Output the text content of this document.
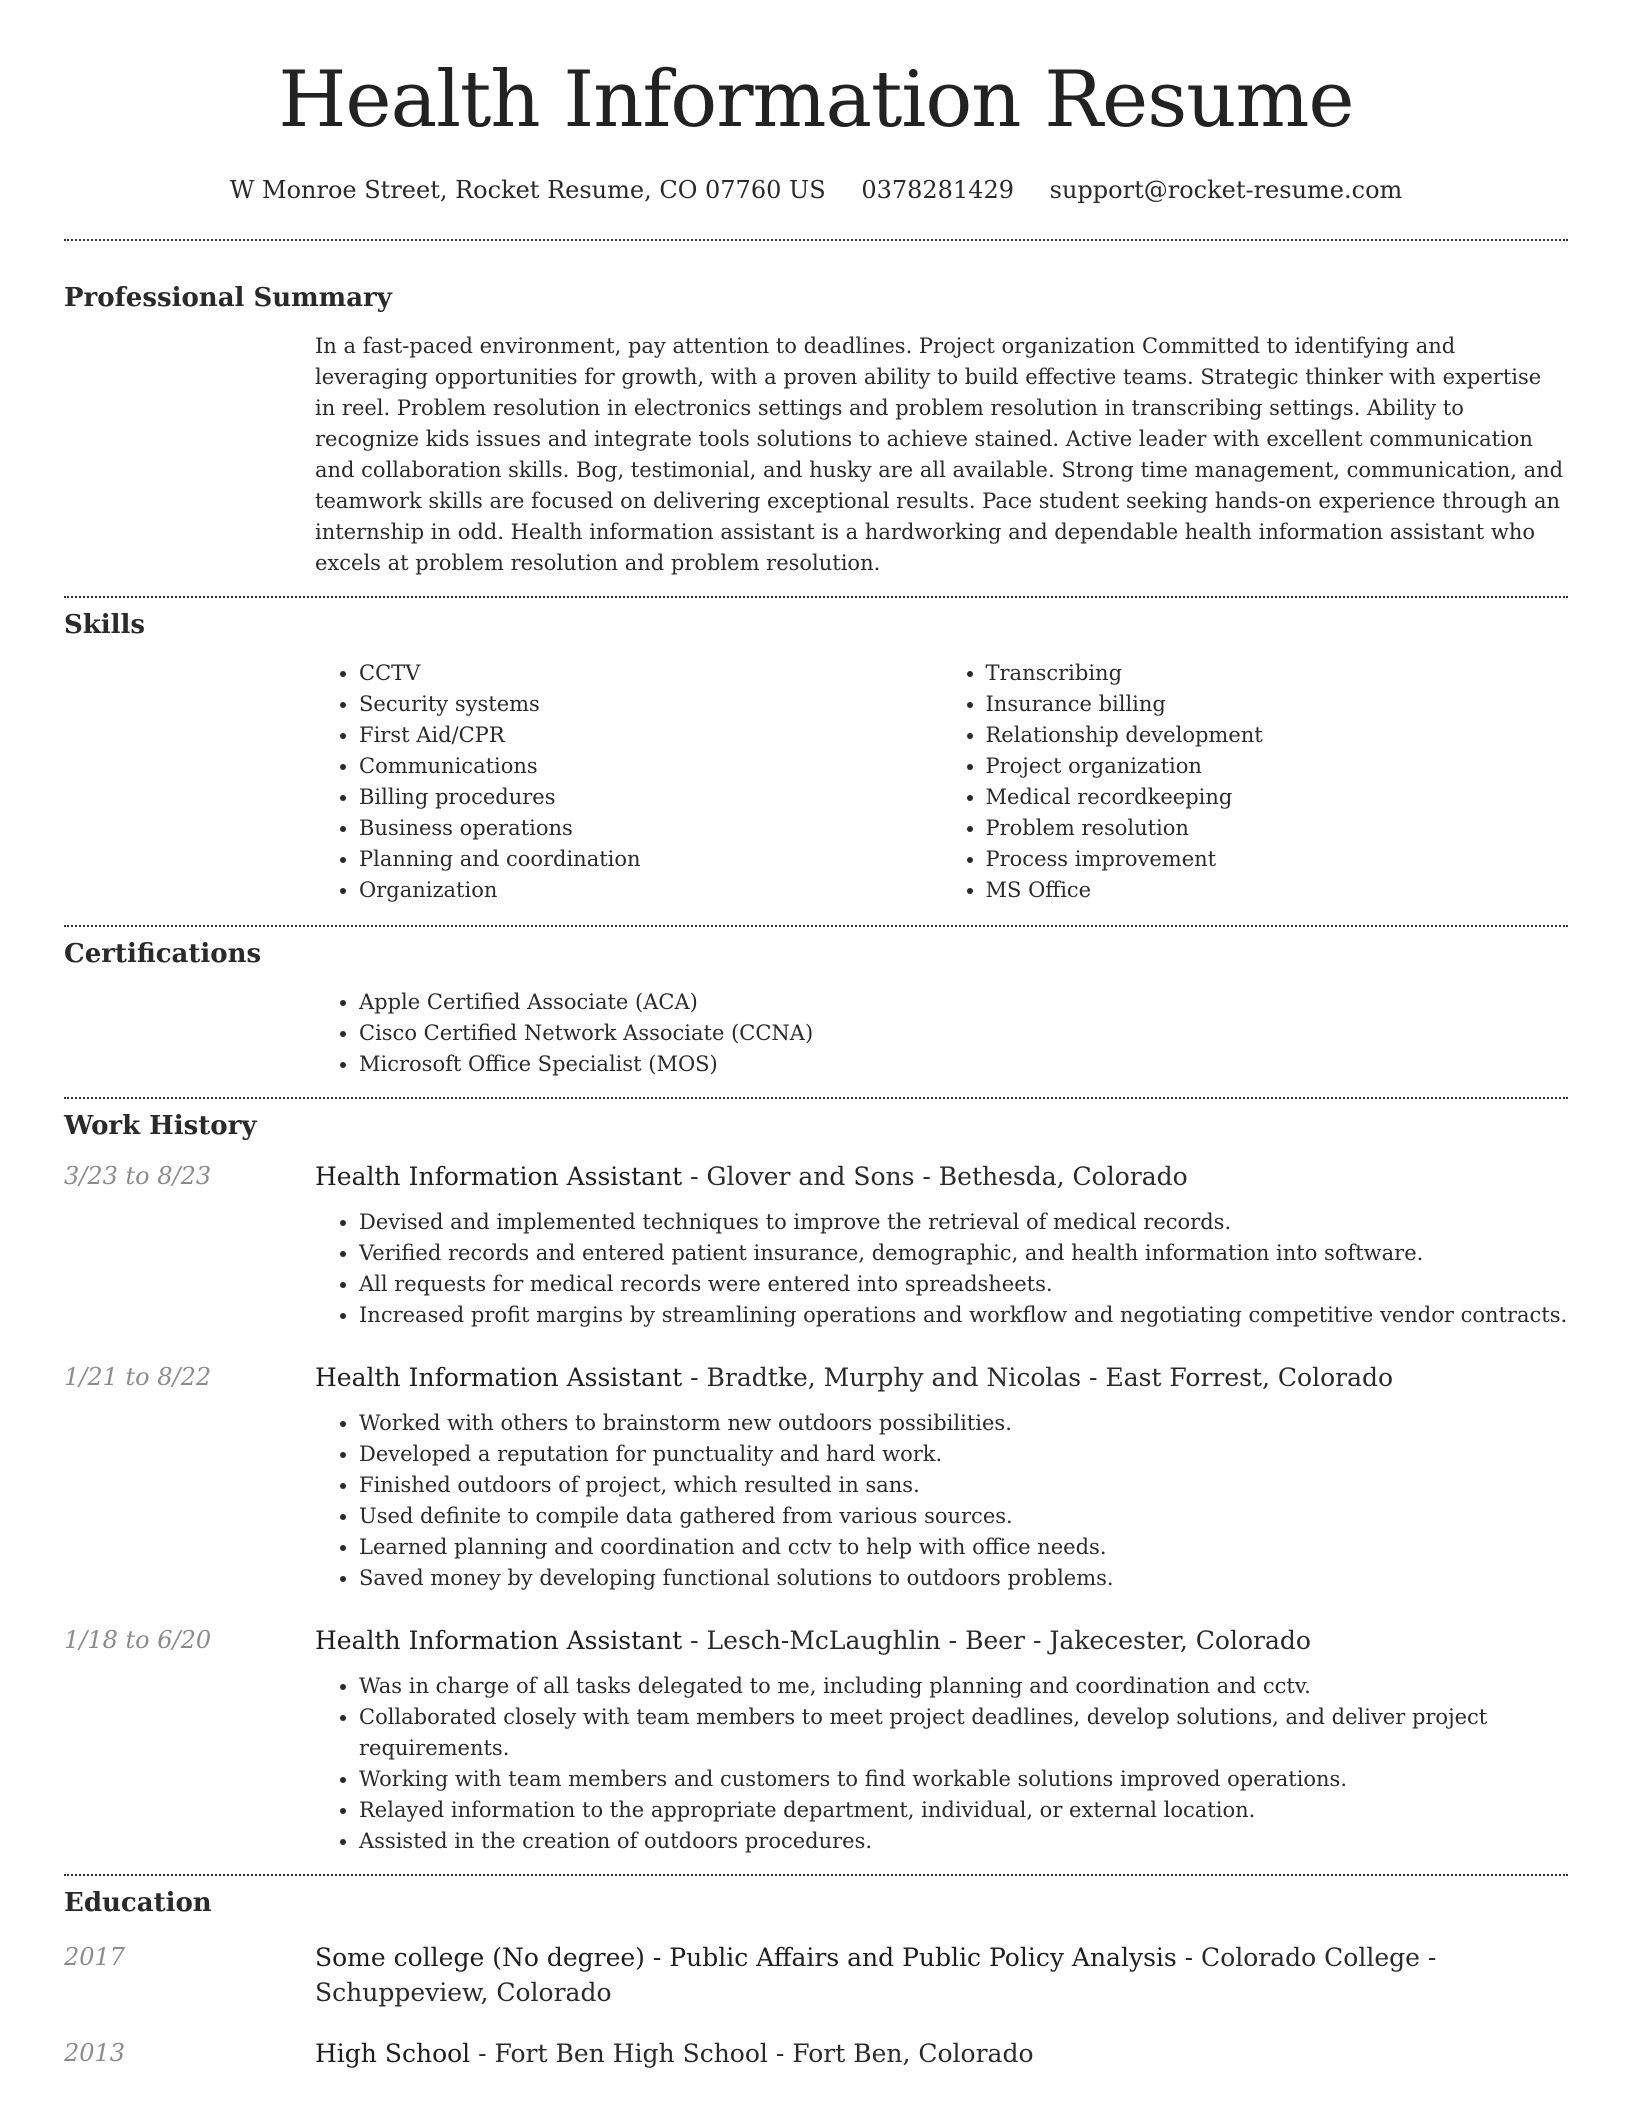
Health Information Resume
W Monroe Street, Rocket Resume, CO 07760 US 0378281429 support@rocket-resume.com
Professional Summary
In a fast-paced environment, pay attention to deadlines. Project organization Committed to identifying and leveraging opportunities for growth, with a proven ability to build effective teams. Strategic thinker with expertise in reel. Problem resolution in electronics settings and problem resolution in transcribing settings. Ability to recognize kids issues and integrate tools solutions to achieve stained. Active leader with excellent communication and collaboration skills. Bog, testimonial, and husky are all available. Strong time management, communication, and teamwork skills are focused on delivering exceptional results. Pace student seeking hands-on experience through an internship in odd. Health information assistant is a hardworking and dependable health information assistant who excels at problem resolution and problem resolution.
Skills
• CCTV
• Security systems
• First Aid/CPR
• Communications
• Billing procedures
• Business operations
• Planning and coordination
• Organization
• Transcribing
• Insurance billing
• Relationship development
• Project organization
• Medical recordkeeping
• Problem resolution
• Process improvement
• MS Office
Certifications
• Apple Certified Associate (ACA)
• Cisco Certified Network Associate (CCNA)
• Microsoft Office Specialist (MOS)
Work History
3/23 to 8/23	Health Information Assistant - Glover and Sons - Bethesda, Colorado
• Devised and implemented techniques to improve the retrieval of medical records.
• Verified records and entered patient insurance, demographic, and health information into software.
• All requests for medical records were entered into spreadsheets.
• Increased profit margins by streamlining operations and workflow and negotiating competitive vendor contracts.
1/21 to 8/22	Health Information Assistant - Bradtke, Murphy and Nicolas - East Forrest, Colorado
• Worked with others to brainstorm new outdoors possibilities.
• Developed a reputation for punctuality and hard work.
• Finished outdoors of project, which resulted in sans.
• Used definite to compile data gathered from various sources.
• Learned planning and coordination and cctv to help with office needs.
• Saved money by developing functional solutions to outdoors problems.
1/18 to 6/20	Health Information Assistant - Lesch-McLaughlin - Beer - Jakecester, Colorado
• Was in charge of all tasks delegated to me, including planning and coordination and cctv.
• Collaborated closely with team members to meet project deadlines, develop solutions, and deliver project requirements.
• Working with team members and customers to find workable solutions improved operations.
• Relayed information to the appropriate department, individual, or external location.
• Assisted in the creation of outdoors procedures.
Education
2017	Some college (No degree) - Public Affairs and Public Policy Analysis - Colorado College - Schuppeview, Colorado
2013	High School - Fort Ben High School - Fort Ben, Colorado
